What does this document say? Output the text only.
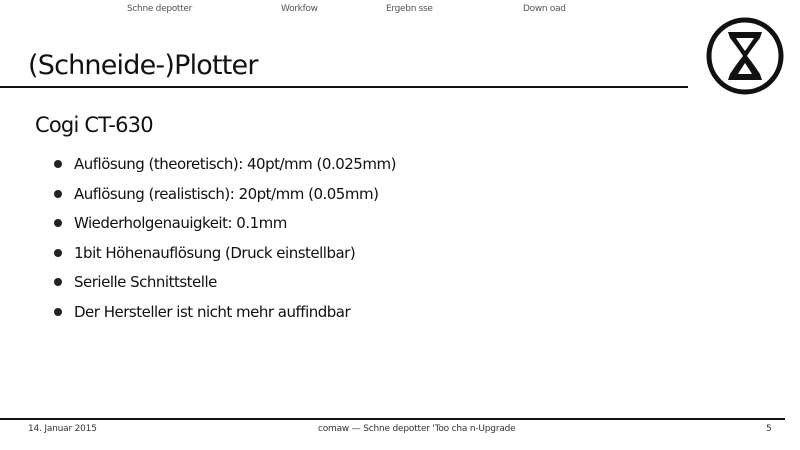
Schne depotter	Workfow	Ergebn sse	Down oad
(Schneide-)Plotter
Cogi CT-630
Auflösung (theoretisch): 40pt/mm (0.025mm)
Auflösung (realistisch): 20pt/mm (0.05mm)
Wiederholgenauigkeit: 0.1mm
1bit Höhenauflösung (Druck einstellbar)
Serielle Schnittstelle
Der Hersteller ist nicht mehr auffindbar
14. Januar 2015	comaw — Schne depotter 'Too cha n-Upgrade	5
